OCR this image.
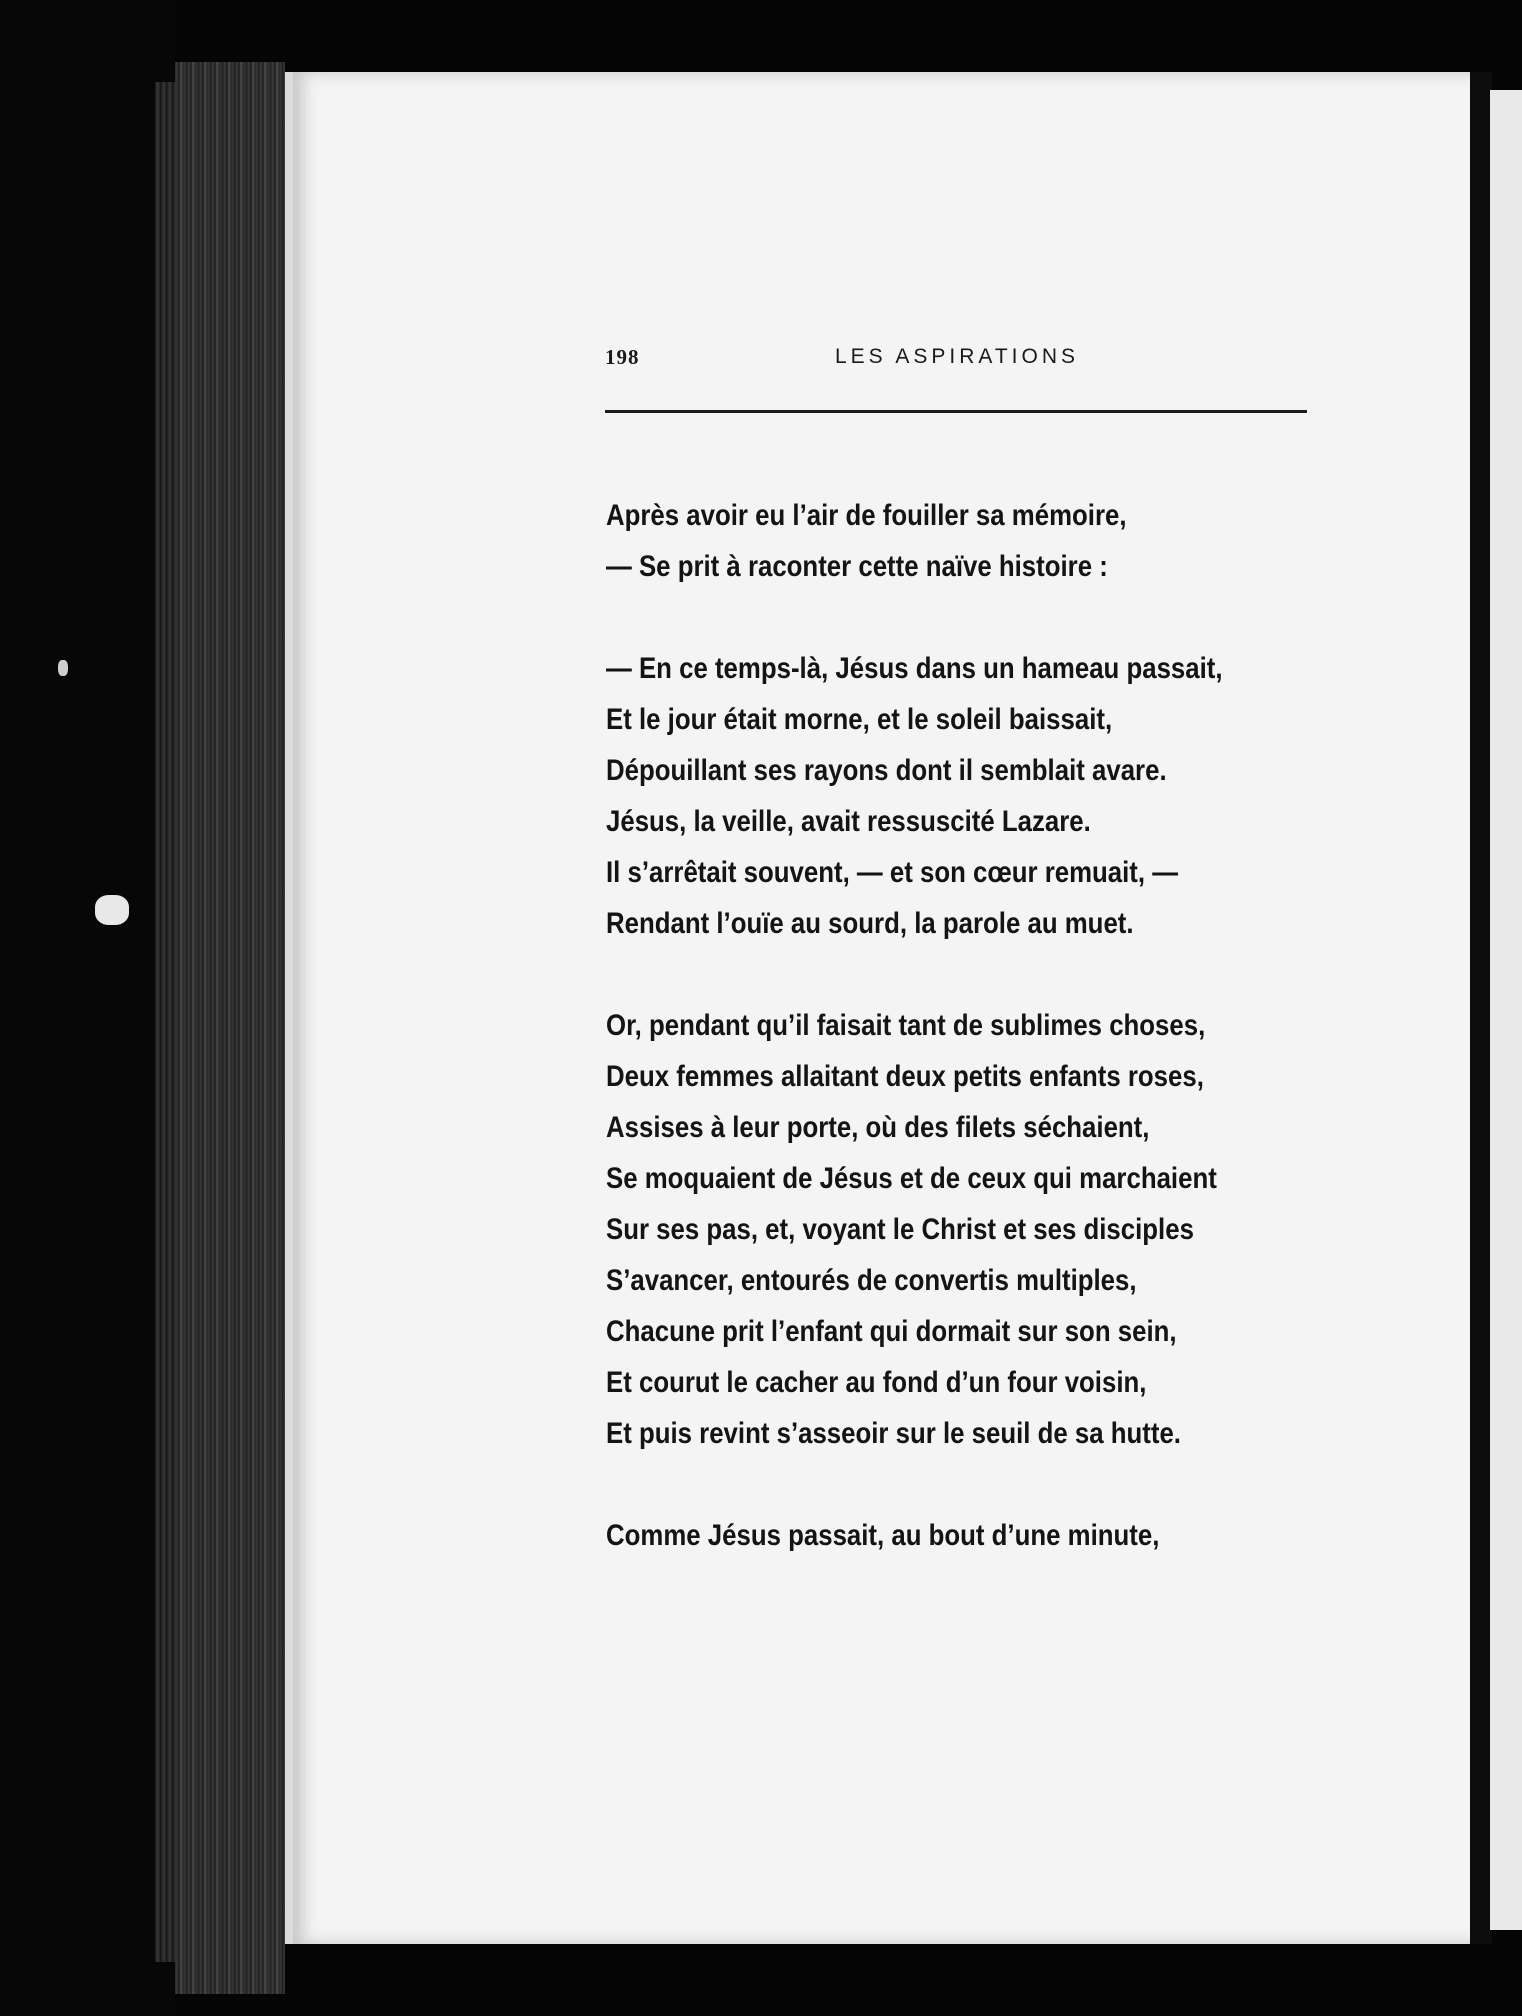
198	LES ASPIRATIONS
Après avoir eu l’air de fouiller sa mémoire,
— Se prit à raconter cette naïve histoire :
— En ce temps-là, Jésus dans un hameau passait,
Et le jour était morne, et le soleil baissait,
Dépouillant ses rayons dont il semblait avare.
Jésus, la veille, avait ressuscité Lazare.
Il s’arrêtait souvent, — et son cœur remuait, —
Rendant l’ouïe au sourd, la parole au muet.
Or, pendant qu’il faisait tant de sublimes choses,
Deux femmes allaitant deux petits enfants roses,
Assises à leur porte, où des filets séchaient,
Se moquaient de Jésus et de ceux qui marchaient
Sur ses pas, et, voyant le Christ et ses disciples
S’avancer, entourés de convertis multiples,
Chacune prit l’enfant qui dormait sur son sein,
Et courut le cacher au fond d’un four voisin,
Et puis revint s’asseoir sur le seuil de sa hutte.
Comme Jésus passait, au bout d’une minute,
